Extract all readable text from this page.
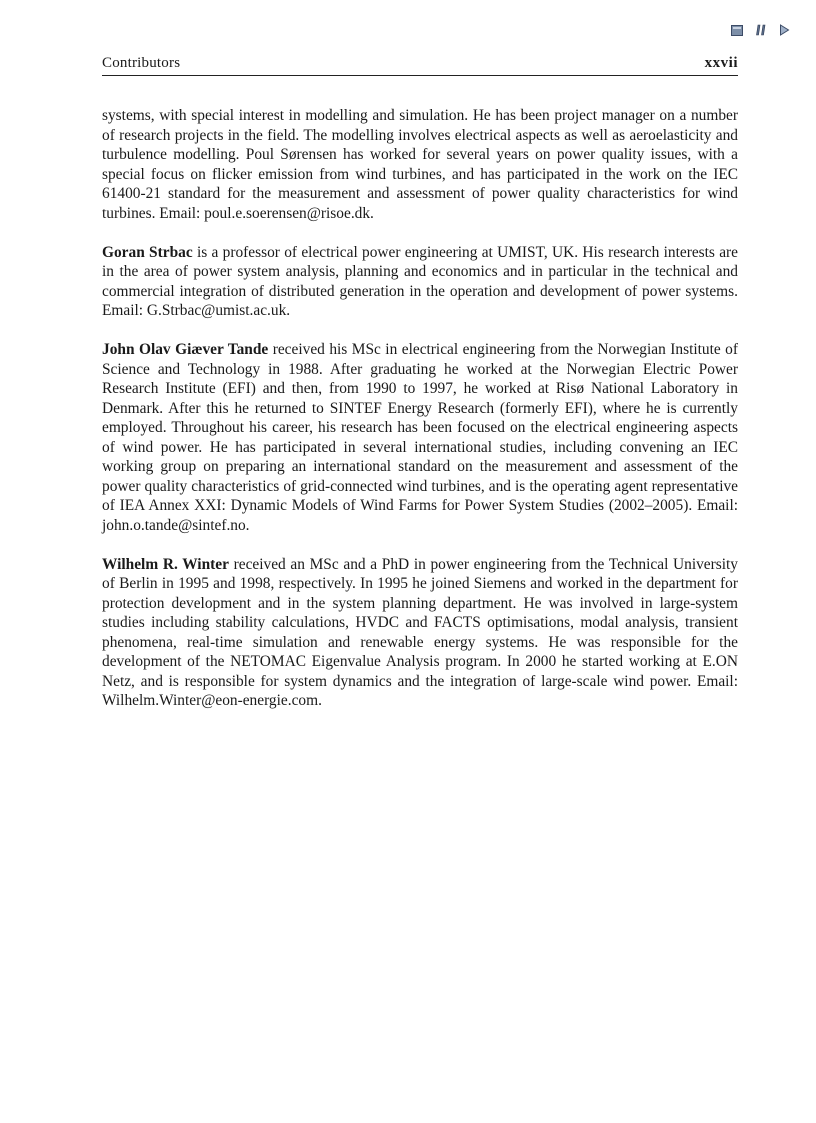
Contributors	xxvii

systems, with special interest in modelling and simulation. He has been project manager on a number of research projects in the field. The modelling involves electrical aspects as well as aeroelasticity and turbulence modelling. Poul Sørensen has worked for several years on power quality issues, with a special focus on flicker emission from wind turbines, and has participated in the work on the IEC 61400-21 standard for the measurement and assessment of power quality characteristics for wind turbines. Email: poul.e.soerensen@risoe.dk.

Goran Strbac is a professor of electrical power engineering at UMIST, UK. His research interests are in the area of power system analysis, planning and economics and in particular in the technical and commercial integration of distributed generation in the operation and development of power systems. Email: G.Strbac@umist.ac.uk.

John Olav Giæver Tande received his MSc in electrical engineering from the Norwegian Institute of Science and Technology in 1988. After graduating he worked at the Norwegian Electric Power Research Institute (EFI) and then, from 1990 to 1997, he worked at Risø National Laboratory in Denmark. After this he returned to SINTEF Energy Research (formerly EFI), where he is currently employed. Throughout his career, his research has been focused on the electrical engineering aspects of wind power. He has participated in several international studies, including convening an IEC working group on preparing an international standard on the measurement and assessment of the power quality characteristics of grid-connected wind turbines, and is the operating agent representative of IEA Annex XXI: Dynamic Models of Wind Farms for Power System Studies (2002–2005). Email: john.o.tande@sintef.no.

Wilhelm R. Winter received an MSc and a PhD in power engineering from the Technical University of Berlin in 1995 and 1998, respectively. In 1995 he joined Siemens and worked in the department for protection development and in the system planning department. He was involved in large-system studies including stability calculations, HVDC and FACTS optimisations, modal analysis, transient phenomena, real-time simulation and renewable energy systems. He was responsible for the development of the NETOMAC Eigenvalue Analysis program. In 2000 he started working at E.ON Netz, and is responsible for system dynamics and the integration of large-scale wind power. Email: Wilhelm.Winter@eon-energie.com.
